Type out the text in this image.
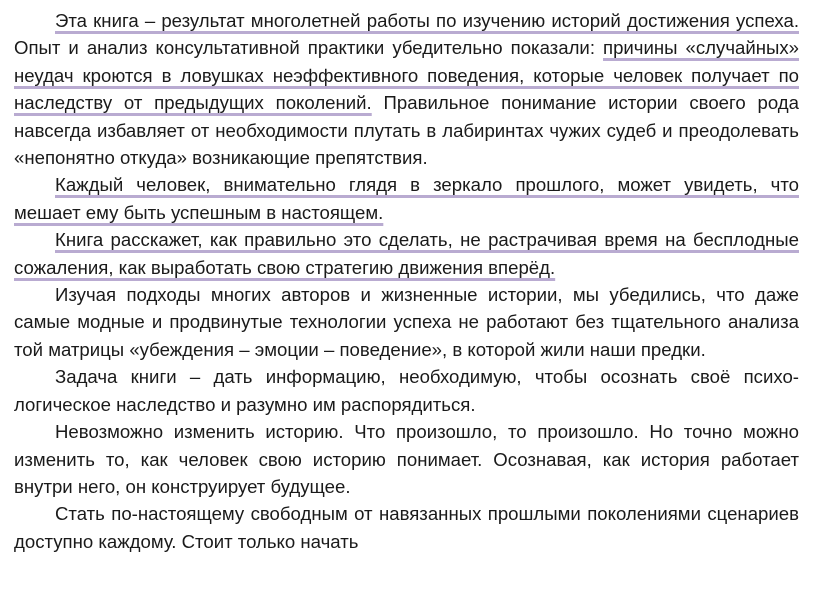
Эта книга – результат многолетней работы по изучению историй достижения успеха. Опыт и анализ консультативной практики убедительно показали: причины «случайных» неудач кроются в ловушках неэффективного поведения, которые человек получает по наследству от предыдущих поколений. Правильное понимание истории своего рода навсегда избавляет от необходимости плутать в лабиринтах чужих судеб и преодолевать «непонятно откуда» возникающие препятствия.

Каждый человек, внимательно глядя в зеркало прошлого, может увидеть, что мешает ему быть успешным в настоящем.

Книга расскажет, как правильно это сделать, не растрачивая время на бесплодные сожаления, как выработать свою стратегию движения вперёд.

Изучая подходы многих авторов и жизненные истории, мы убедились, что даже самые модные и продвинутые технологии успеха не работают без тщательного анализа той матрицы «убеждения – эмоции – поведение», в которой жили наши предки.

Задача книги – дать информацию, необходимую, чтобы осознать своё психологическое наследство и разумно им распорядиться.

Невозможно изменить историю. Что произошло, то произошло. Но точно можно изменить то, как человек свою историю понимает. Осознавая, как история работает внутри него, он конструирует будущее.

Стать по-настоящему свободным от навязанных прошлыми поколениями сценариев доступно каждому. Стоит только начать
